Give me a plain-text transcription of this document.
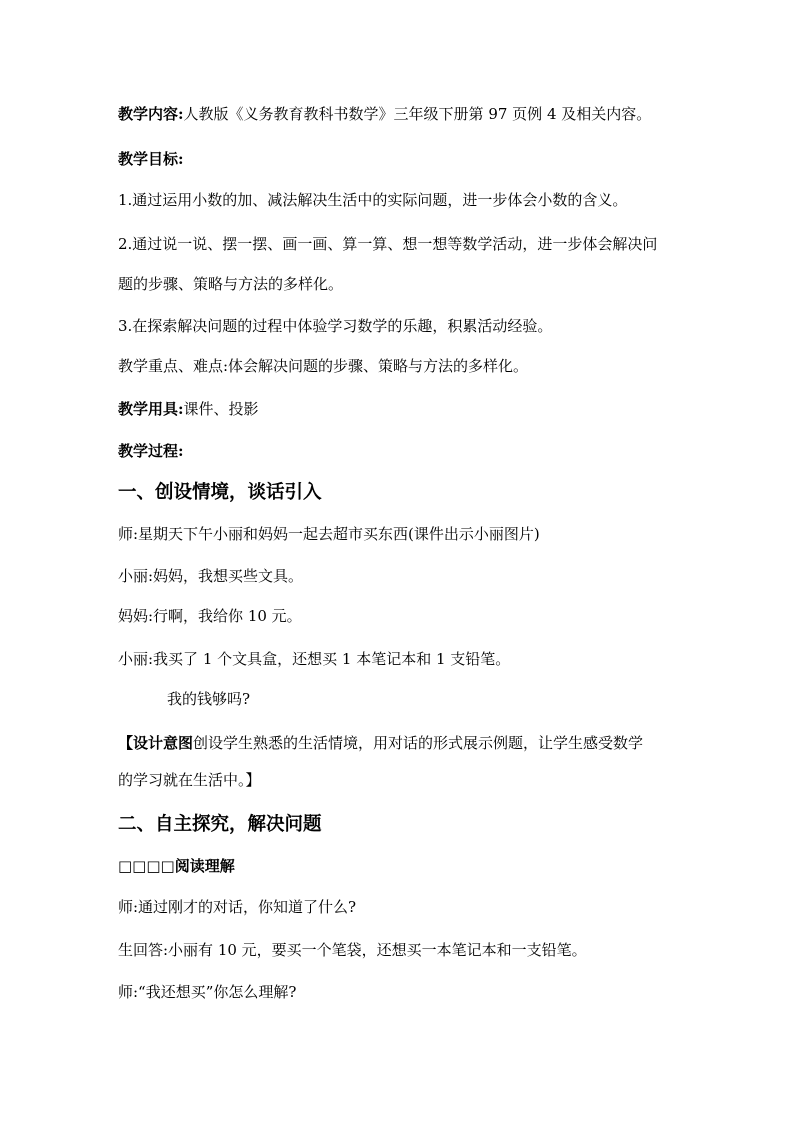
教学内容:人教版《义务教育教科书数学》三年级下册第 97 页例 4 及相关内容。
教学目标:
1.通过运用小数的加、减法解决生活中的实际问题，进一步体会小数的含义。
2.通过说一说、摆一摆、画一画、算一算、想一想等数学活动，进一步体会解决问
题的步骤、策略与方法的多样化。
3.在探索解决问题的过程中体验学习数学的乐趣，积累活动经验。
教学重点、难点:体会解决问题的步骤、策略与方法的多样化。
教学用具:课件、投影
教学过程:
一、创设情境，谈话引入
师:星期天下午小丽和妈妈一起去超市买东西(课件出示小丽图片)
小丽:妈妈，我想买些文具。
妈妈:行啊，我给你 10 元。
小丽:我买了 1 个文具盒，还想买 1 本笔记本和 1 支铅笔。
我的钱够吗?
【设计意图创设学生熟悉的生活情境，用对话的形式展示例题，让学生感受数学
的学习就在生活中。】
二、自主探究，解决问题
□□□□阅读理解
师:通过刚才的对话，你知道了什么?
生回答:小丽有 10 元，要买一个笔袋，还想买一本笔记本和一支铅笔。
师:“我还想买”你怎么理解?
